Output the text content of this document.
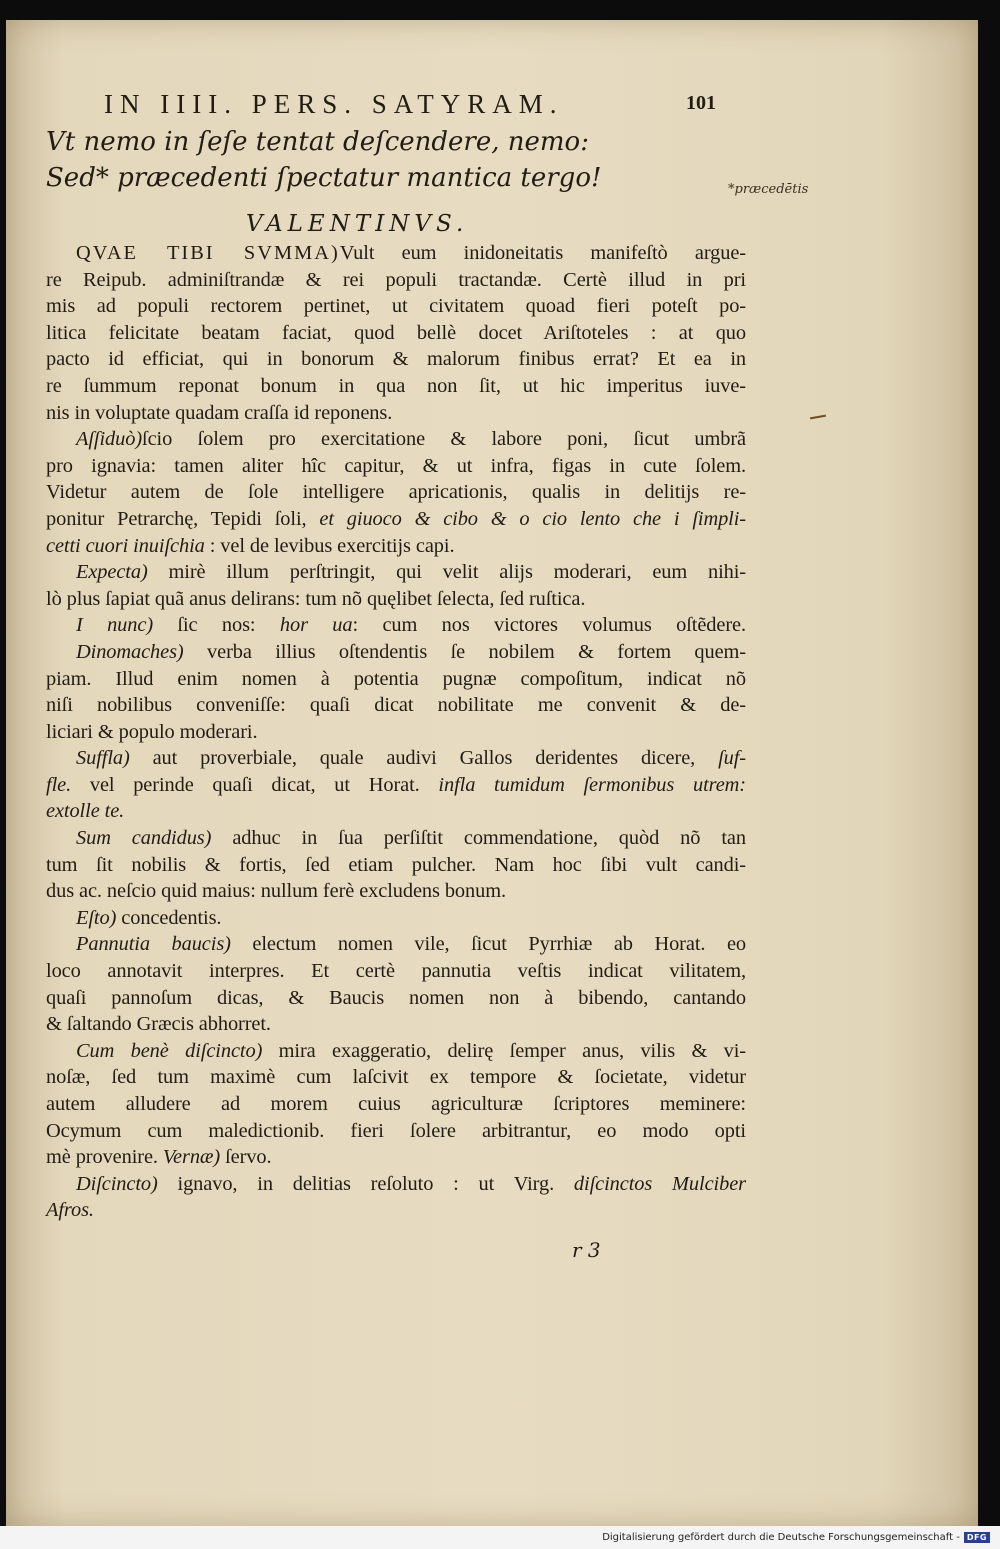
101
*præcedētis
IN IIII. PERS. SATYRAM.
Vt nemo in ſeſe tentat deſcendere, nemo:
Sed* præcedenti ſpectatur mantica tergo!
VALENTINVS.
QVAE TIBI SVMMA)Vult eum inidoneitatis manifeſtò argue-
re Reipub. adminiſtrandæ & rei populi tractandæ. Certè illud in pri
mis ad populi rectorem pertinet, ut civitatem quoad fieri poteſt po-
litica felicitate beatam faciat, quod bellè docet Ariſtoteles : at quo
pacto id efficiat, qui in bonorum & malorum finibus errat? Et ea in
re ſummum reponat bonum in qua non ſit, ut hic imperitus iuve-
nis in voluptate quadam craſſa id reponens.
Aſſiduò)ſcio ſolem pro exercitatione & labore poni, ſicut umbrã
pro ignavia: tamen aliter hîc capitur, & ut infra, figas in cute ſolem.
Videtur autem de ſole intelligere apricationis, qualis in delitijs re-
ponitur Petrarchę, Tepidi ſoli, et giuoco & cibo & o cio lento che i ſimpli-
cetti cuori inuiſchia : vel de levibus exercitijs capi.
Expecta) mirè illum perſtringit, qui velit alijs moderari, eum nihi-
lò plus ſapiat quã anus delirans: tum nõ quęlibet ſelecta, ſed ruſtica.
I nunc) ſic nos: hor ua: cum nos victores volumus oſtẽdere.
Dinomaches) verba illius oſtendentis ſe nobilem & fortem quem-
piam. Illud enim nomen à potentia pugnæ compoſitum, indicat nõ
niſi nobilibus conveniſſe: quaſi dicat nobilitate me convenit & de-
liciari & populo moderari.
Suffla) aut proverbiale, quale audivi Gallos deridentes dicere, ſuf-
fle. vel perinde quaſi dicat, ut Horat. infla tumidum ſermonibus utrem:
extolle te.
Sum candidus) adhuc in ſua perſiſtit commendatione, quòd nõ tan
tum ſit nobilis & fortis, ſed etiam pulcher. Nam hoc ſibi vult candi-
dus ac. neſcio quid maius: nullum ferè excludens bonum.
Eſto) concedentis.
Pannutia baucis) electum nomen vile, ſicut Pyrrhiæ ab Horat. eo
loco annotavit interpres. Et certè pannutia veſtis indicat vilitatem,
quaſi pannoſum dicas, & Baucis nomen non à bibendo, cantando
& ſaltando Græcis abhorret.
Cum benè diſcincto) mira exaggeratio, delirę ſemper anus, vilis & vi-
noſæ, ſed tum maximè cum laſcivit ex tempore & ſocietate, videtur
autem alludere ad morem cuius agriculturæ ſcriptores meminere:
Ocymum cum maledictionib. fieri ſolere arbitrantur, eo modo opti
mè provenire. Vernæ) ſervo.
Diſcincto) ignavo, in delitias reſoluto : ut Virg. diſcinctos Mulciber
Afros.
r 3
Digitalisierung gefördert durch die Deutsche Forschungsgemeinschaft - DFG
